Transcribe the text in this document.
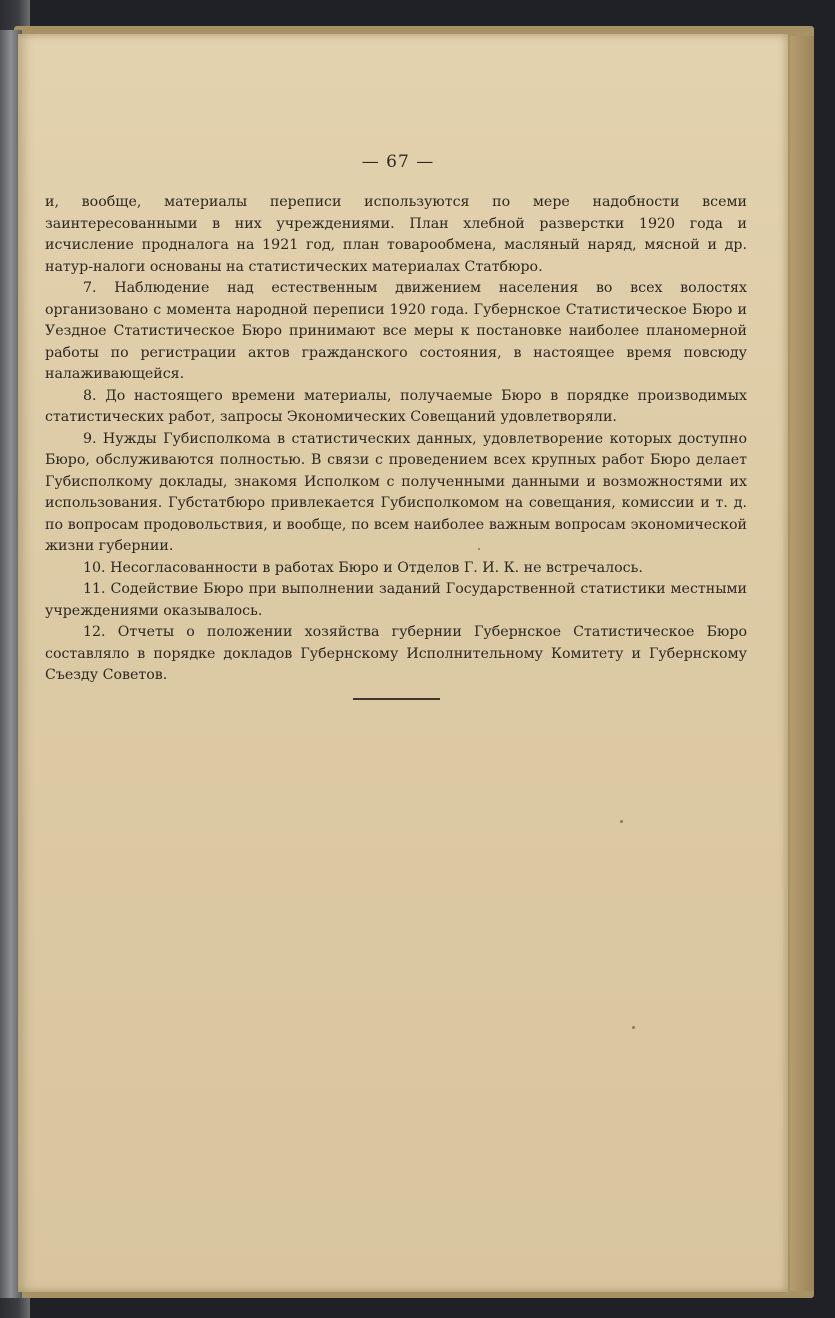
— 67 —

и, вообще, материалы переписи используются по мере надобности всеми заинтересованными в них учреждениями. План хлебной разверстки 1920 года и исчисление продналога на 1921 год, план товарообмена, масляный наряд, мясной и др. натур-налоги основаны на статистических материалах Статбюро.

7. Наблюдение над естественным движением населения во всех волостях организовано с момента народной переписи 1920 года. Губернское Статистическое Бюро и Уездное Статистическое Бюро принимают все меры к постановке наиболее планомерной работы по регистрации актов гражданского состояния, в настоящее время повсюду налаживающейся.

8. До настоящего времени материалы, получаемые Бюро в порядке производимых статистических работ, запросы Экономических Совещаний удовлетворяли.

9. Нужды Губисполкома в статистических данных, удовлетворение которых доступно Бюро, обслуживаются полностью. В связи с проведением всех крупных работ Бюро делает Губисполкому доклады, знакомя Исполком с полученными данными и возможностями их использования. Губстатбюро привлекается Губисполкомом на совещания, комиссии и т. д. по вопросам продовольствия, и вообще, по всем наиболее важным вопросам экономической жизни губернии.

10. Несогласованности в работах Бюро и Отделов Г. И. К. не встречалось.

11. Содействие Бюро при выполнении заданий Государственной статистики местными учреждениями оказывалось.

12. Отчеты о положении хозяйства губернии Губернское Статистическое Бюро составляло в порядке докладов Губернскому Исполнительному Комитету и Губернскому Съезду Советов.
